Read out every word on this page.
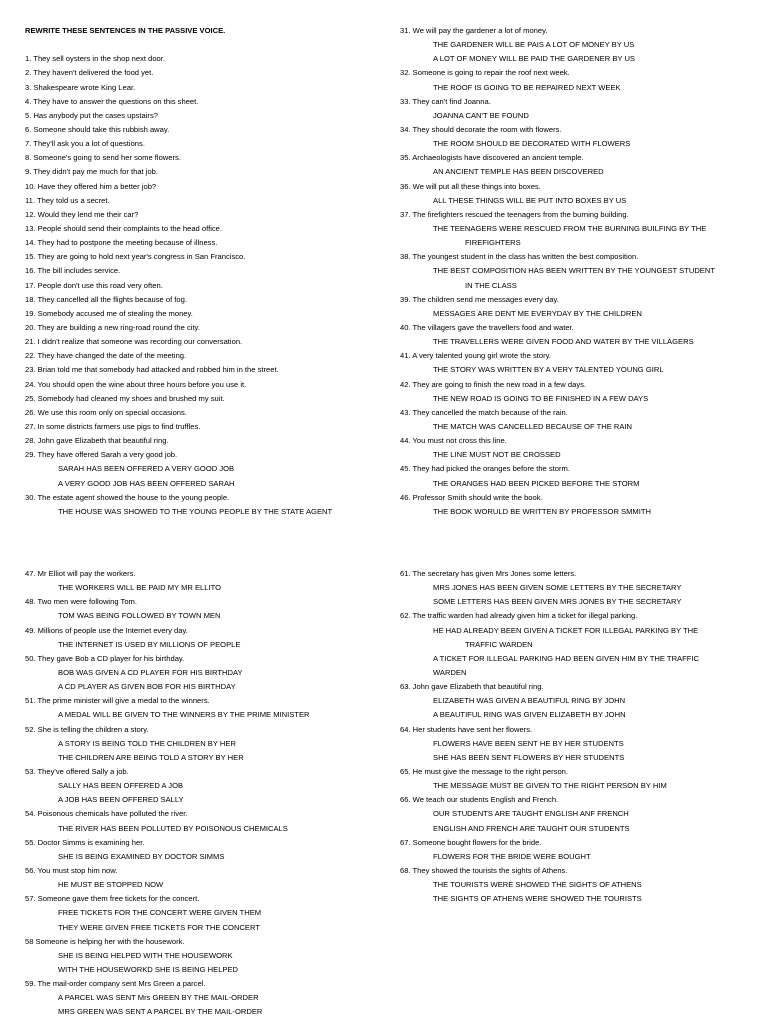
REWRITE THESE SENTENCES IN THE PASSIVE VOICE.
1. They sell oysters in the shop next door.
2. They haven't delivered the food yet.
3. Shakespeare wrote King Lear.
4. They have to answer the questions on this sheet.
5. Has anybody put the cases upstairs?
6. Someone should take this rubbish away.
7. They'll ask you a lot of questions.
8. Someone's going to send her some flowers.
9. They didn't pay me much for that job.
10. Have they offered him a better job?
11. They told us a secret.
12. Would they lend me their car?
13. People should send their complaints to the head office.
14. They had to postpone the meeting because of illness.
15. They are going to hold next year's congress in San Francisco.
16. The bill includes service.
17. People don't use this road very often.
18. They cancelled all the flights because of fog.
19. Somebody accused me of stealing the money.
20. They are building a new ring-road round the city.
21. I didn't realize that someone was recording our conversation.
22. They have changed the date of the meeting.
23. Brian told me that somebody had attacked and robbed him in the street.
24. You should open the wine about three hours before you use it.
25. Somebody had cleaned my shoes and brushed my suit.
26. We use this room only on special occasions.
27. In some districts farmers use pigs to find truffles.
28. John gave Elizabeth that beautiful ring.
29. They have offered Sarah a very good job.
SARAH HAS BEEN OFFERED A VERY GOOD JOB
A VERY GOOD JOB HAS BEEN OFFERED SARAH
30. The estate agent showed the house to the young people.
THE HOUSE WAS SHOWED TO THE YOUNG PEOPLE BY THE STATE AGENT
31. We will pay the gardener a lot of money.
THE GARDENER WILL BE PAIS A LOT OF MONEY BY US
A LOT OF MONEY WILL BE PAID THE GARDENER BY US
32. Someone is going to repair the roof next week.
THE ROOF IS GOING TO BE REPAIRED NEXT WEEK
33. They can't find Joanna.
JOANNA CAN'T BE FOUND
34. They should decorate the room with flowers.
THE ROOM SHOULD BE DECORATED WITH FLOWERS
35. Archaeologists have discovered an ancient temple.
AN ANCIENT TEMPLE HAS BEEN DISCOVERED
36. We will put all these things into boxes.
ALL THESE THINGS WILL BE PUT INTO BOXES BY US
37. The firefighters rescued the teenagers from the burning building.
THE TEENAGERS WERE RESCUED FROM THE BURNING BUILFING BY THE
FIREFIGHTERS
38. The youngest student in the class has written the best composition.
THE BEST COMPOSITION HAS BEEN WRITTEN BY THE YOUNGEST STUDENT
IN THE CLASS
39. The children send me messages every day.
MESSAGES ARE DENT ME EVERYDAY BY THE CHILDREN
40. The villagers gave the travellers food and water.
THE TRAVELLERS WERE GIVEN FOOD AND WATER BY THE VILLAGERS
41. A very talented young girl wrote the story.
THE STORY WAS WRITTEN BY A VERY TALENTED YOUNG GIRL
42. They are going to finish the new road in a few days.
THE NEW ROAD IS GOING TO BE FINISHED IN A FEW DAYS
43. They cancelled the match because of the rain.
THE MATCH WAS CANCELLED BECAUSE OF THE RAIN
44. You must not cross this line.
THE LINE MUST NOT BE CROSSED
45. They had picked the oranges before the storm.
THE ORANGES HAD BEEN PICKED BEFORE THE STORM
46. Professor Smith should write the book.
THE BOOK WORULD BE WRITTEN BY PROFESSOR SMMITH
47. Mr Elliot will pay the workers.
THE WORKERS WILL BE PAID MY MR ELLITO
48. Two men were following Tom.
TOM WAS BEING FOLLOWED BY TOWN MEN
49. Millions of people use the Internet every day.
THE INTERNET IS USED BY MILLIONS OF PEOPLE
50. They gave Bob a CD player for his birthday.
BOB WAS GIVEN A CD PLAYER FOR HIS BIRTHDAY
A CD PLAYER AS GIVEN BOB FOR HIS BIRTHDAY
51. The prime minister will give a medal to the winners.
A MEDAL WILL BE GIVEN TO THE WINNERS BY THE PRIME MINISTER
52. She is telling the children a story.
A STORY IS BEING TOLD THE CHILDREN BY HER
THE CHILDREN ARE BEING TOLD A STORY BY HER
53. They've offered Sally a job.
SALLY HAS BEEN OFFERED A JOB
A JOB HAS BEEN OFFERED SALLY
54. Poisonous chemicals have polluted the river.
THE RIVER HAS BEEN POLLUTED BY POISONOUS CHEMICALS
55. Doctor Simms is examining her.
SHE IS BEING EXAMINED BY DOCTOR SIMMS
56. You must stop him now.
HE MUST BE STOPPED NOW
57. Someone gave them free tickets for the concert.
FREE TICKETS FOR THE CONCERT WERE GIVEN THEM
THEY WERE GIVEN FREE TICKETS FOR THE CONCERT
58 Someone is helping her with the housework.
SHE IS BEING HELPED WITH THE HOUSEWORK
WITH THE HOUSEWORKD SHE IS BEING HELPED
59. The mail-order company sent Mrs Green a parcel.
A PARCEL WAS SENT Mrs GREEN BY THE MAIL-ORDER
MRS GREEN WAS SENT A PARCEL BY THE MAIL-ORDER
61. The secretary has given Mrs Jones some letters.
MRS JONES HAS BEEN GIVEN SOME LETTERS BY THE SECRETARY
SOME LETTERS HAS BEEN GIVEN MRS JONES BY THE SECRETARY
62. The traffic warden had already given him a ticket for illegal parking.
HE HAD ALREADY BEEN GIVEN A TICKET FOR ILLEGAL PARKING BY THE
TRAFFIC WARDEN
A TICKET FOR ILLEGAL PARKING HAD BEEN GIVEN HIM BY THE TRAFFIC
WARDEN
63. John gave Elizabeth that beautiful ring.
ELIZABETH WAS GIVEN A BEAUTIFUL RING BY JOHN
A BEAUTIFUL RING WAS GIVEN ELIZABETH BY JOHN
64. Her students have sent her flowers.
FLOWERS HAVE BEEN SENT HE BY HER STUDENTS
SHE HAS BEEN SENT FLOWERS BY HER STUDENTS
65. He must give the message to the right person.
THE MESSAGE MUST BE GIVEN TO THE RIGHT PERSON BY HIM
66. We teach our students English and French.
OUR STUDENTS ARE TAUGHT ENGLISH ANF FRENCH
ENGLISH AND FRENCH ARE TAUGHT OUR STUDENTS
67. Someone bought flowers for the bride.
FLOWERS FOR THE BRIDE WERE BOUGHT
68. They showed the tourists the sights of Athens.
THE TOURISTS WERE SHOWED THE SIGHTS OF ATHENS
THE SIGHTS OF ATHENS WERE SHOWED THE TOURISTS
